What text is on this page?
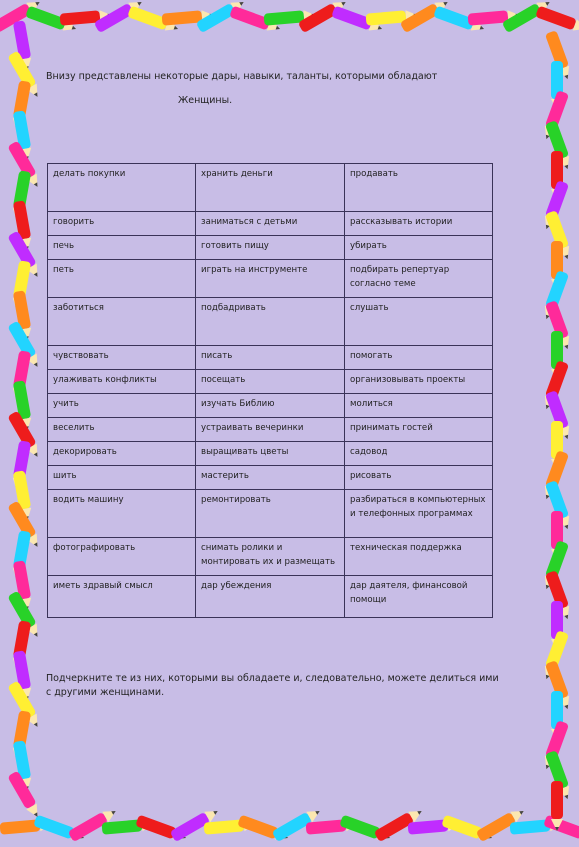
Внизу представлены некоторые дары, навыки, таланты, которыми обладают

Женщины.

делать покупки	хранить деньги	продавать
говорить	заниматься с детьми	рассказывать истории
печь	готовить пищу	убирать
петь	играть на инструменте	подбирать репертуар согласно теме
заботиться	подбадривать	слушать
чувствовать	писать	помогать
улаживать конфликты	посещать	организовывать проекты
учить	изучать Библию	молиться
веселить	устраивать вечеринки	принимать гостей
декорировать	выращивать цветы	садовод
шить	мастерить	рисовать
водить машину	ремонтировать	разбираться в компьютерных и телефонных программах
фотографировать	снимать ролики и монтировать их и размещать	техническая поддержка
иметь здравый смысл	дар убеждения	дар даятеля, финансовой помощи

Подчеркните те из них, которыми вы обладаете и, следовательно, можете делиться ими с другими женщинами.
